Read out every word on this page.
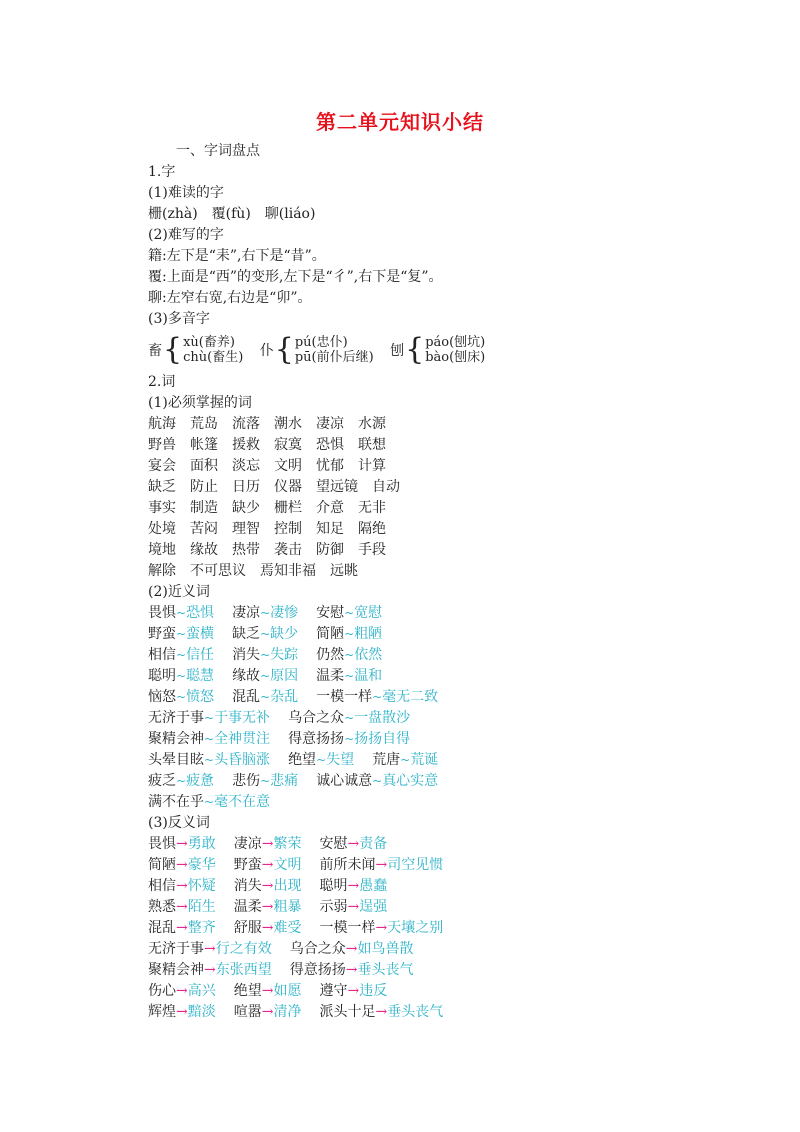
第二单元知识小结
一、字词盘点
1.字
(1)难读的字
栅(zhà)　覆(fù)　聊(liáo)
(2)难写的字
籍:左下是“耒”,右下是“昔”。
覆:上面是“西”的变形,左下是“彳”,右下是“复”。
聊:左窄右宽,右边是“卯”。
(3)多音字
畜{xù(畜养)
chù(畜生) 仆{pú(忠仆)
pū(前仆后继) 刨{páo(刨坑)
bào(刨床)
2.词
(1)必须掌握的词
航海 荒岛 流落 潮水 凄凉 水源
野兽 帐篷 援救 寂寞 恐惧 联想
宴会 面积 淡忘 文明 忧郁 计算
缺乏 防止 日历 仪器 望远镜 自动
事实 制造 缺少 栅栏 介意 无非
处境 苦闷 理智 控制 知足 隔绝
境地 缘故 热带 袭击 防御 手段
解除 不可思议 焉知非福 远眺
(2)近义词
畏惧~恐惧 凄凉~凄惨 安慰~宽慰
野蛮~蛮横 缺乏~缺少 简陋~粗陋
相信~信任 消失~失踪 仍然~依然
聪明~聪慧 缘故~原因 温柔~温和
恼怒~愤怒 混乱~杂乱 一模一样~毫无二致
无济于事~于事无补 乌合之众~一盘散沙
聚精会神~全神贯注 得意扬扬~扬扬自得
头晕目眩~头昏脑涨 绝望~失望 荒唐~荒诞
疲乏~疲惫 悲伤~悲痛 诚心诚意~真心实意
满不在乎~毫不在意
(3)反义词
畏惧→勇敢 凄凉→繁荣 安慰→责备
简陋→豪华 野蛮→文明 前所未闻→司空见惯
相信→怀疑 消失→出现 聪明→愚蠢
熟悉→陌生 温柔→粗暴 示弱→逞强
混乱→整齐 舒服→难受 一模一样→天壤之别
无济于事→行之有效 乌合之众→如鸟兽散
聚精会神→东张西望 得意扬扬→垂头丧气
伤心→高兴 绝望→如愿 遵守→违反
辉煌→黯淡 喧嚣→清净 派头十足→垂头丧气
